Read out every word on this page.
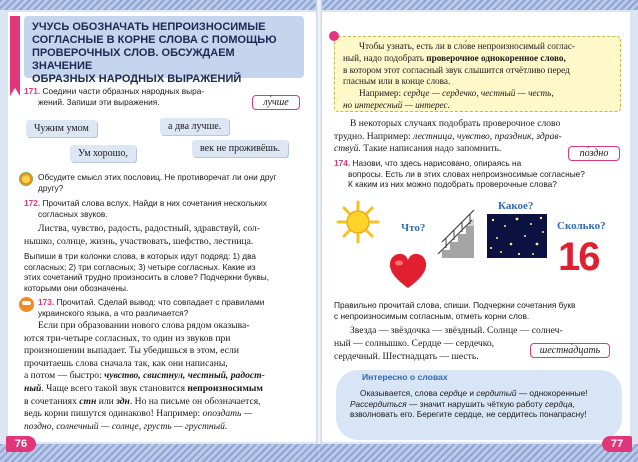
УЧУСЬ ОБОЗНАЧАТЬ НЕПРОИЗНОСИМЫЕ
СОГЛАСНЫЕ В КОРНЕ СЛОВА С ПОМОЩЬЮ
ПРОВЕРОЧНЫХ СЛОВ. ОБСУЖДАЕМ ЗНАЧЕНИЕ
ОБРАЗНЫХ НАРОДНЫХ ВЫРАЖЕНИЙ
171. Соедини части образных народных выра-
жений. Запиши эти выражения.	лу́чше
Чужим умом	а два лучше.
Ум хорошо,	век не проживёшь.
Обсудите смысл этих пословиц. Не противоречат ли они друг
другу?
172. Прочитай слова вслух. Найди в них сочетания нескольких
согласных звуков.
Листва, чувство, радость, радостный, здравствуй, сол-
нышко, солнце, жизнь, участвовать, шефство, лестница.
Выпиши в три колонки слова, в которых идут подряд: 1) два
согласных; 2) три согласных; 3) четыре согласных. Какие из
этих сочетаний трудно произносить в слове? Подчеркни буквы,
которыми они обозначены.
173. Прочитай. Сделай вывод: что совпадает с правилами
украинского языка, а что различается?
Если при образовании нового слова рядом оказыва-
ются три-четыре согласных, то один из звуков при
произношении выпадает. Ты убедишься в этом, если
прочитаешь слова сначала так, как они написаны,
а потом — быстро: чувство, свистнул, честный, радост-
ный. Чаще всего такой звук становится непроизносимым
в сочетаниях стн или здн. Но на письме он обозначается,
ведь корни пишутся одинаково! Например: опоздать —
поздно, солнечный — солнце, грусть — грустный.
76
Чтобы узнать, есть ли в сло́ве непроизносимый соглас-
ный, надо подобрать проверочное однокоренное слово,
в котором этот согласный звук слышится отчётливо перед
гласным или в конце слова.
Например: сердце — сердечко, честный — честь,
но интересный — интерес.
В некоторых случаях подобрать проверочное слово
трудно. Например: лестница, чувство, праздник, здрав-
ствуй. Такие написания надо запомнить.	по́здно
174. Назови, что здесь нарисовано, опираясь на
вопросы. Есть ли в этих словах непроизносимые согласные?
К каким из них можно подобрать проверочные слова?
Что?
Какое?
Сколько?
16
Правильно прочитай слова, спиши. Подчеркни сочетания букв
с непроизносимым согласным, отметь корни слов.
Звезда — звёздочка — звёздный. Солнце — солнеч-
ный — солнышко. Сердце — сердечко,
сердечный. Шестнадцать — шесть.
шестна́дцать
Оказывается, слова сердце и сердитый — однокоренные!
Рассердиться — значит нарушить чёткую работу сердца,
взволновать его. Берегите сердце, не сердитесь понапрасну!
Интересно о словах
77
